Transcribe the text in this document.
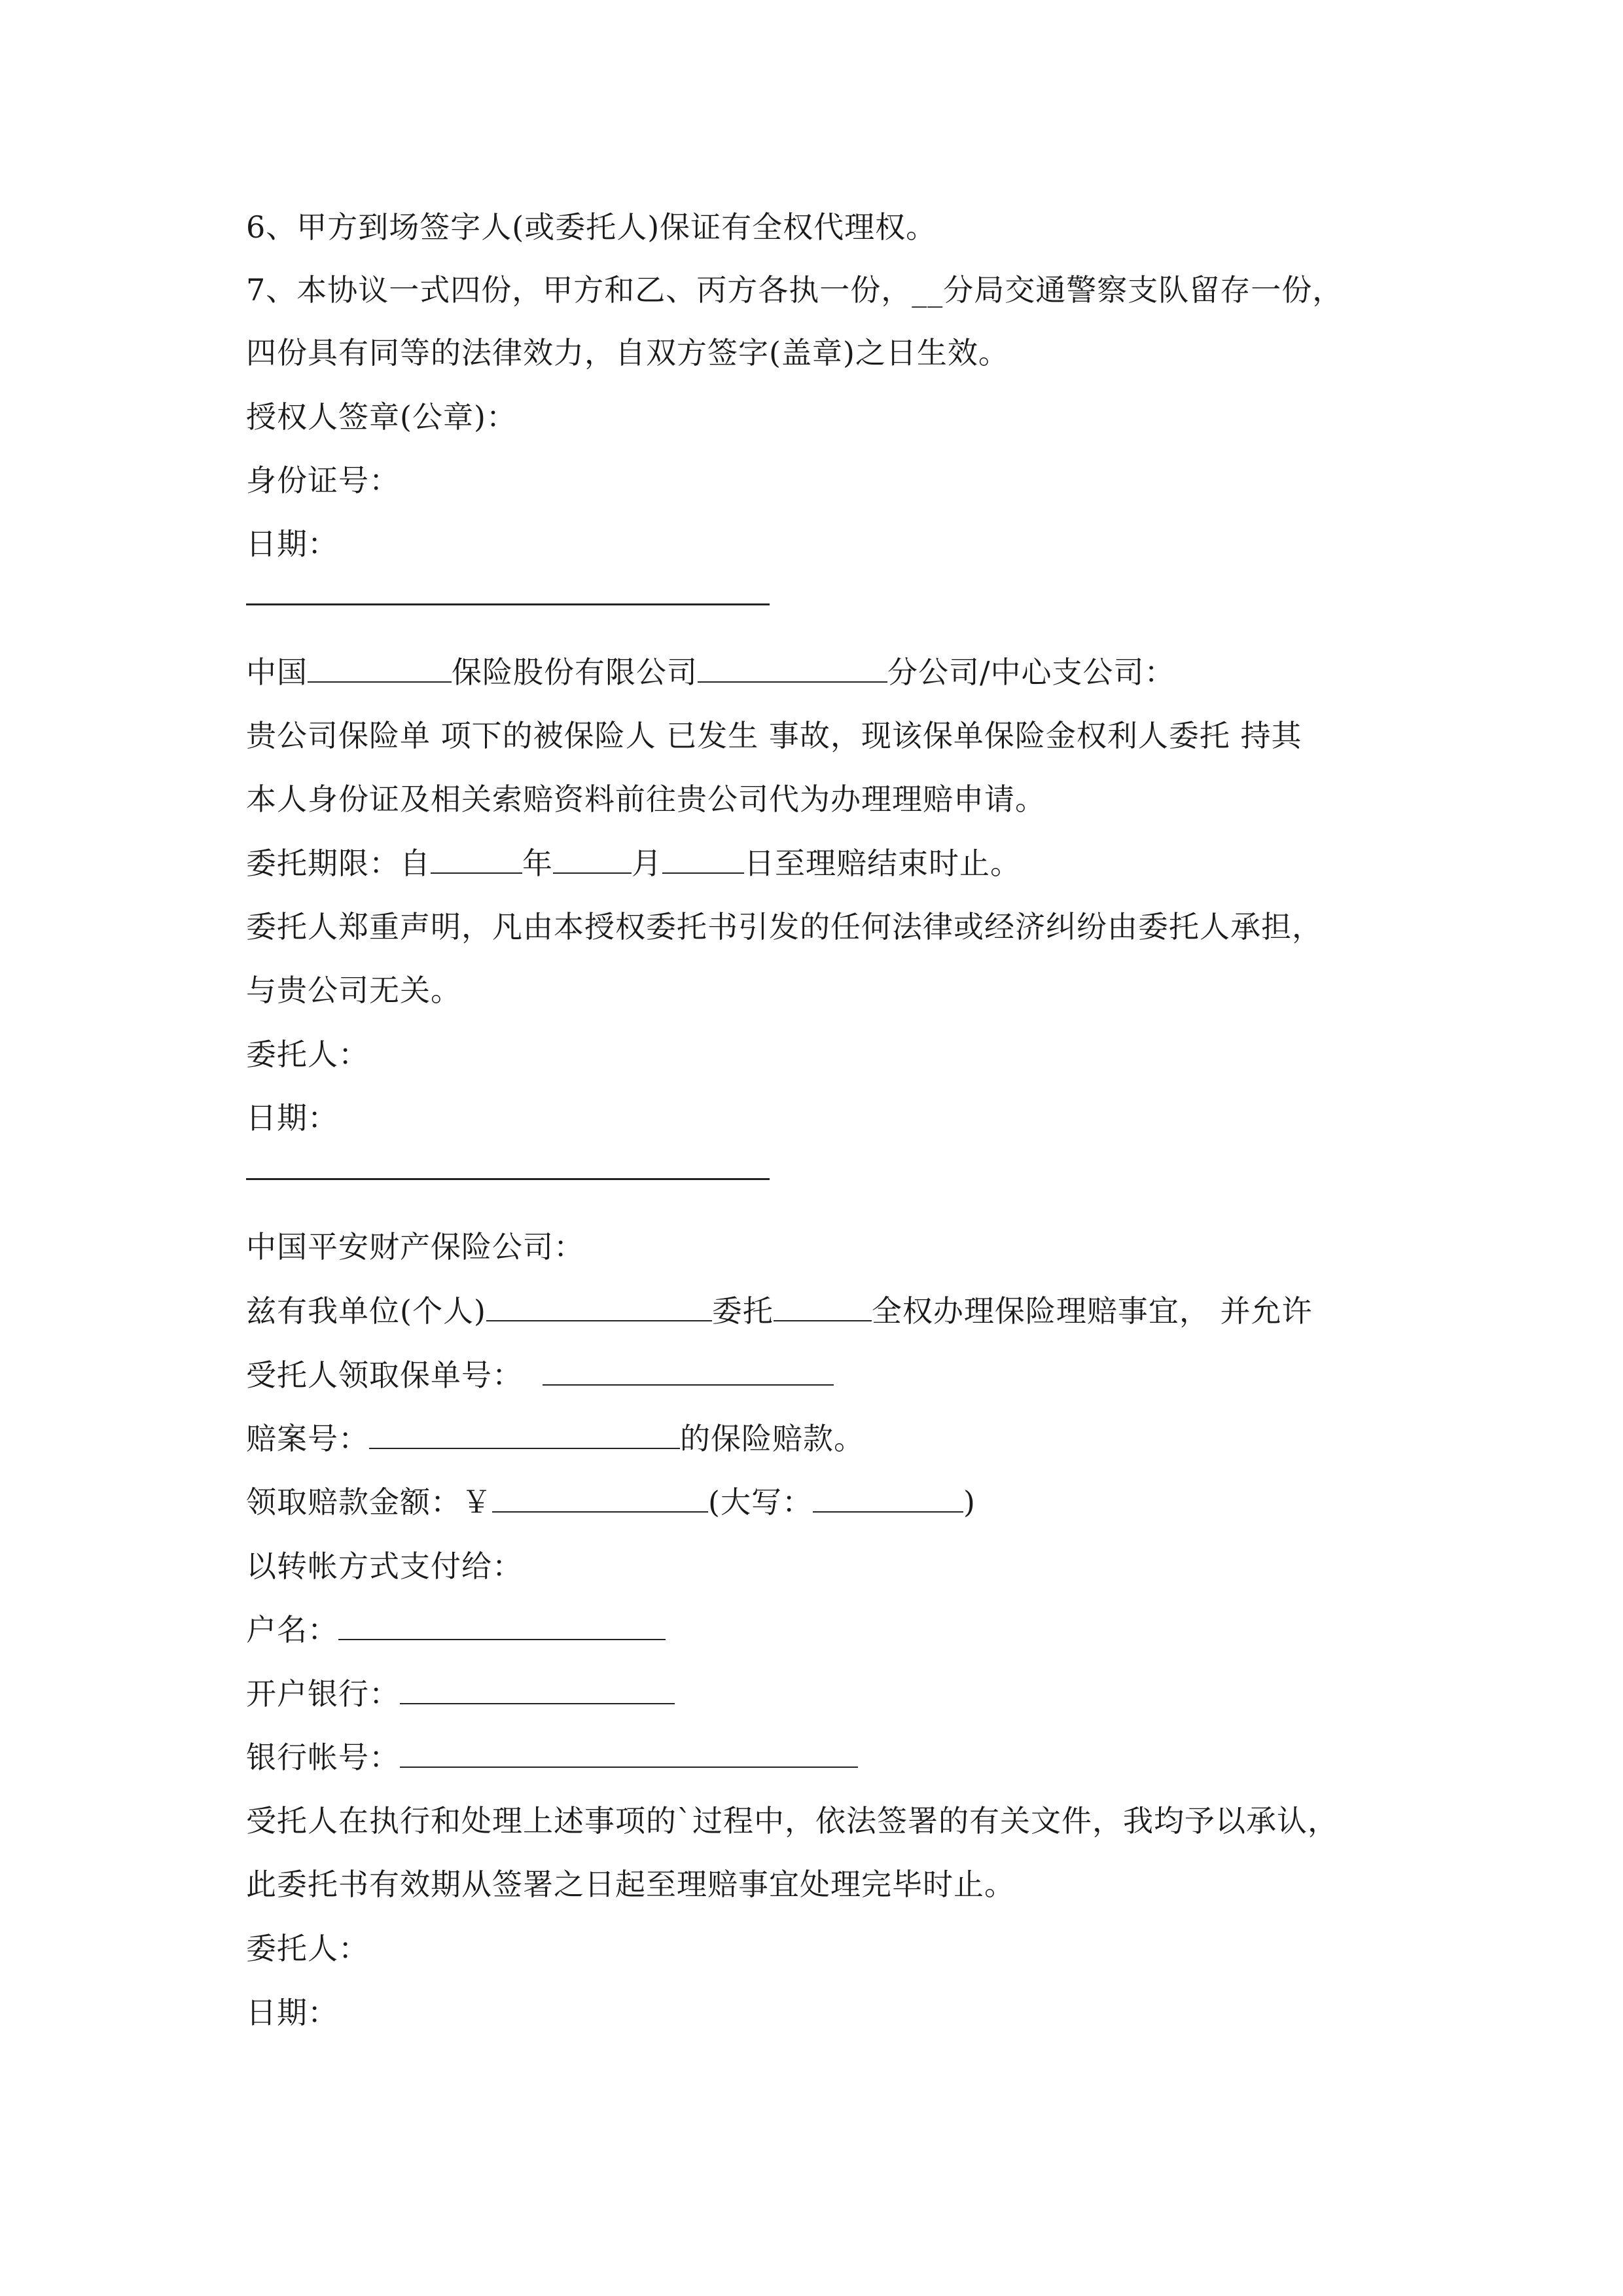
6、甲方到场签字人(或委托人)保证有全权代理权。
7、本协议一式四份，甲方和乙、丙方各执一份，__分局交通警察支队留存一份，
四份具有同等的法律效力，自双方签字(盖章)之日生效。
授权人签章(公章)：
身份证号：
日期：
中国	保险股份有限公司	分公司/中心支公司：
贵公司保险单 项下的被保险人 已发生 事故，现该保单保险金权利人委托 持其
本人身份证及相关索赔资料前往贵公司代为办理理赔申请。
委托期限：自	年	月	日至理赔结束时止。
委托人郑重声明，凡由本授权委托书引发的任何法律或经济纠纷由委托人承担，
与贵公司无关。
委托人：
日期：
中国平安财产保险公司：
兹有我单位(个人)	委托	全权办理保险理赔事宜， 并允许
受托人领取保单号：
赔案号：	的保险赔款。
领取赔款金额：￥	(大写：	)
以转帐方式支付给：
户名：
开户银行：
银行帐号：
受托人在执行和处理上述事项的`过程中，依法签署的有关文件，我均予以承认，
此委托书有效期从签署之日起至理赔事宜处理完毕时止。
委托人：
日期：
